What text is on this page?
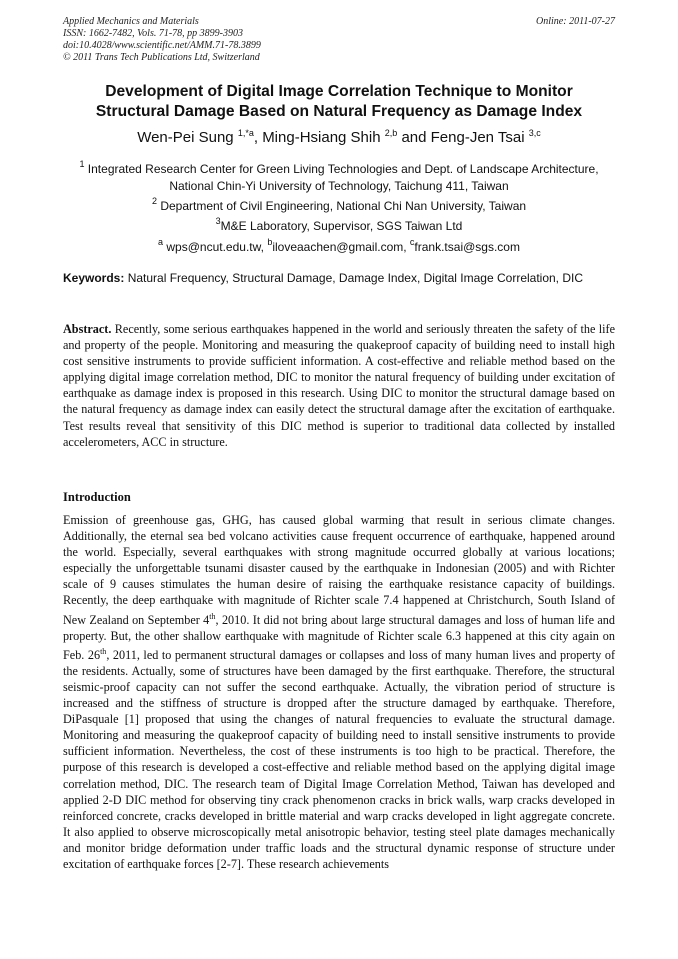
Applied Mechanics and Materials
ISSN: 1662-7482, Vols. 71-78, pp 3899-3903
doi:10.4028/www.scientific.net/AMM.71-78.3899
© 2011 Trans Tech Publications Ltd, Switzerland
Online: 2011-07-27
Development of Digital Image Correlation Technique to Monitor
Structural Damage Based on Natural Frequency as Damage Index
Wen-Pei Sung $^{1,*a}$, Ming-Hsiang Shih $^{2,b}$ and Feng-Jen Tsai $^{3,c}$
$^1$ Integrated Research Center for Green Living Technologies and Dept. of Landscape Architecture,
National Chin-Yi University of Technology, Taichung 411, Taiwan
$^2$ Department of Civil Engineering, National Chi Nan University, Taiwan
$^3$M&E Laboratory, Supervisor, SGS Taiwan Ltd
$^a$ wps@ncut.edu.tw, $^b$iloveaachen@gmail.com, $^c$frank.tsai@sgs.com
Keywords: Natural Frequency, Structural Damage, Damage Index, Digital Image Correlation, DIC
Abstract. Recently, some serious earthquakes happened in the world and seriously threaten the safety of the life and property of the people. Monitoring and measuring the quakeproof capacity of building need to install high cost sensitive instruments to provide sufficient information. A cost-effective and reliable method based on the applying digital image correlation method, DIC to monitor the natural frequency of building under excitation of earthquake as damage index is proposed in this research. Using DIC to monitor the structural damage based on the natural frequency as damage index can easily detect the structural damage after the excitation of earthquake. Test results reveal that sensitivity of this DIC method is superior to traditional data collected by installed accelerometers, ACC in structure.
Introduction
Emission of greenhouse gas, GHG, has caused global warming that result in serious climate changes. Additionally, the eternal sea bed volcano activities cause frequent occurrence of earthquake, happened around the world. Especially, several earthquakes with strong magnitude occurred globally at various locations; especially the unforgettable tsunami disaster caused by the earthquake in Indonesian (2005) and with Richter scale of 9 causes stimulates the human desire of raising the earthquake resistance capacity of buildings. Recently, the deep earthquake with magnitude of Richter scale 7.4 happened at Christchurch, South Island of New Zealand on September 4th, 2010. It did not bring about large structural damages and loss of human life and property. But, the other shallow earthquake with magnitude of Richter scale 6.3 happened at this city again on Feb. 26th, 2011, led to permanent structural damages or collapses and loss of many human lives and property of the residents. Actually, some of structures have been damaged by the first earthquake. Therefore, the structural seismic-proof capacity can not suffer the second earthquake. Actually, the vibration period of structure is increased and the stiffness of structure is dropped after the structure damaged by earthquake. Therefore, DiPasquale [1] proposed that using the changes of natural frequencies to evaluate the structural damage. Monitoring and measuring the quakeproof capacity of building need to install sensitive instruments to provide sufficient information. Nevertheless, the cost of these instruments is too high to be practical. Therefore, the purpose of this research is developed a cost-effective and reliable method based on the applying digital image correlation method, DIC. The research team of Digital Image Correlation Method, Taiwan has developed and applied 2-D DIC method for observing tiny crack phenomenon cracks in brick walls, warp cracks developed in reinforced concrete, cracks developed in brittle material and warp cracks developed in light aggregate concrete. It also applied to observe microscopically metal anisotropic behavior, testing steel plate damages mechanically and monitor bridge deformation under traffic loads and the structural dynamic response of structure under excitation of earthquake forces [2-7]. These research achievements
